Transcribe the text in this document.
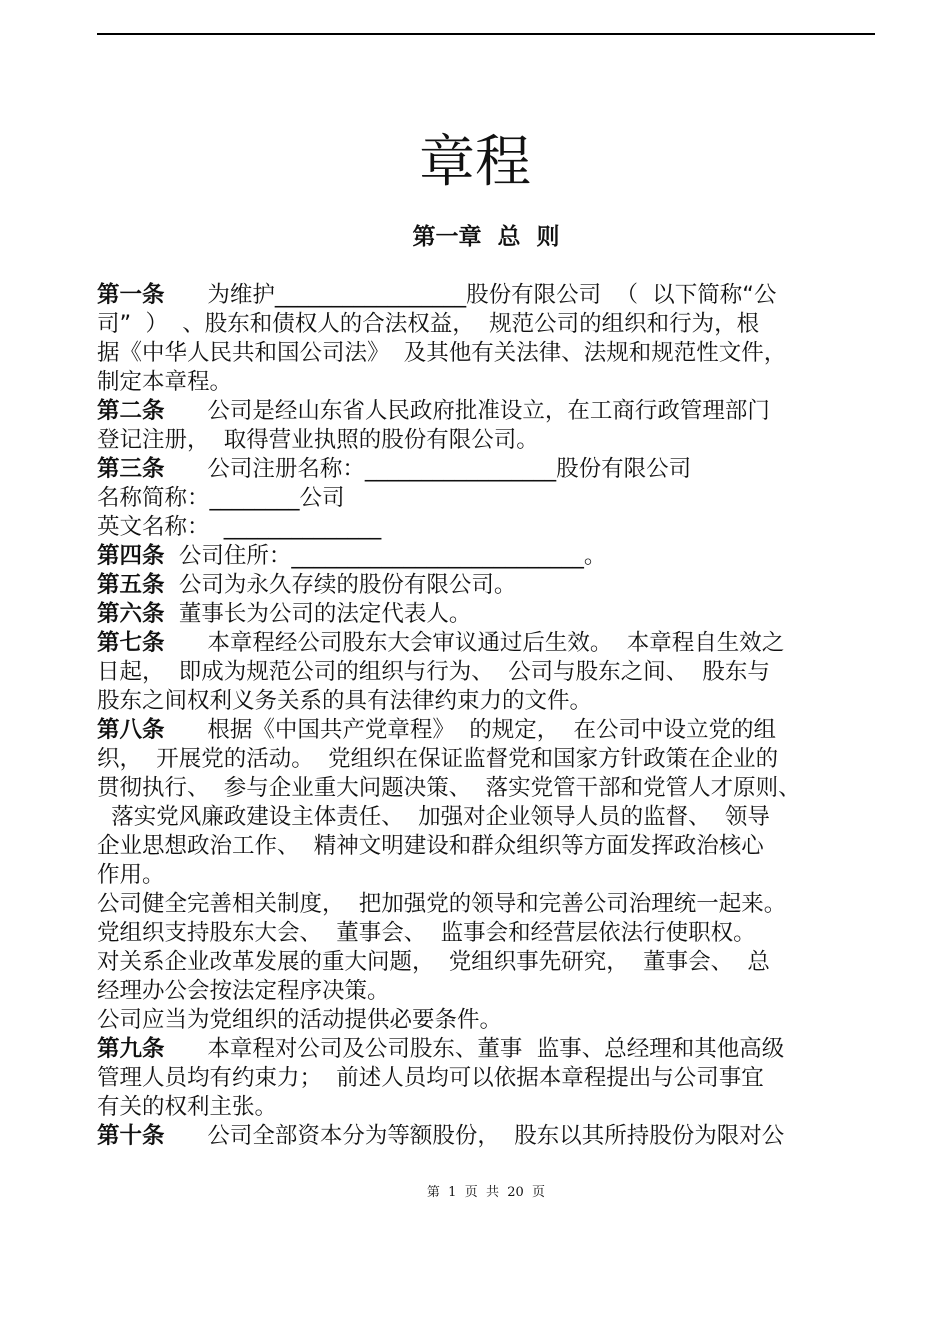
章程
第一章  总  则
第一条      为维护_________________股份有限公司  （  以下简称“公
司”  ）  、股东和债权人的合法权益，  规范公司的组织和行为，根
据《中华人民共和国公司法》  及其他有关法律、法规和规范性文件，
制定本章程。
第二条      公司是经山东省人民政府批准设立，在工商行政管理部门
登记注册，  取得营业执照的股份有限公司。
第三条      公司注册名称：_________________股份有限公司
名称简称：________公司
英文名称：  ______________
第四条  公司住所：__________________________。
第五条  公司为永久存续的股份有限公司。
第六条  董事长为公司的法定代表人。
第七条      本章程经公司股东大会审议通过后生效。  本章程自生效之
日起，  即成为规范公司的组织与行为、  公司与股东之间、  股东与
股东之间权利义务关系的具有法律约束力的文件。
第八条      根据《中国共产党章程》  的规定，  在公司中设立党的组
织，  开展党的活动。  党组织在保证监督党和国家方针政策在企业的
贯彻执行、  参与企业重大问题决策、  落实党管干部和党管人才原则、
落实党风廉政建设主体责任、  加强对企业领导人员的监督、  领导
企业思想政治工作、  精神文明建设和群众组织等方面发挥政治核心
作用。
公司健全完善相关制度，  把加强党的领导和完善公司治理统一起来。
党组织支持股东大会、  董事会、  监事会和经营层依法行使职权。
对关系企业改革发展的重大问题，  党组织事先研究，  董事会、  总
经理办公会按法定程序决策。
公司应当为党组织的活动提供必要条件。
第九条      本章程对公司及公司股东、董事  监事、总经理和其他高级
管理人员均有约束力；  前述人员均可以依据本章程提出与公司事宜
有关的权利主张。
第十条      公司全部资本分为等额股份，  股东以其所持股份为限对公
第  1  页  共  20  页
